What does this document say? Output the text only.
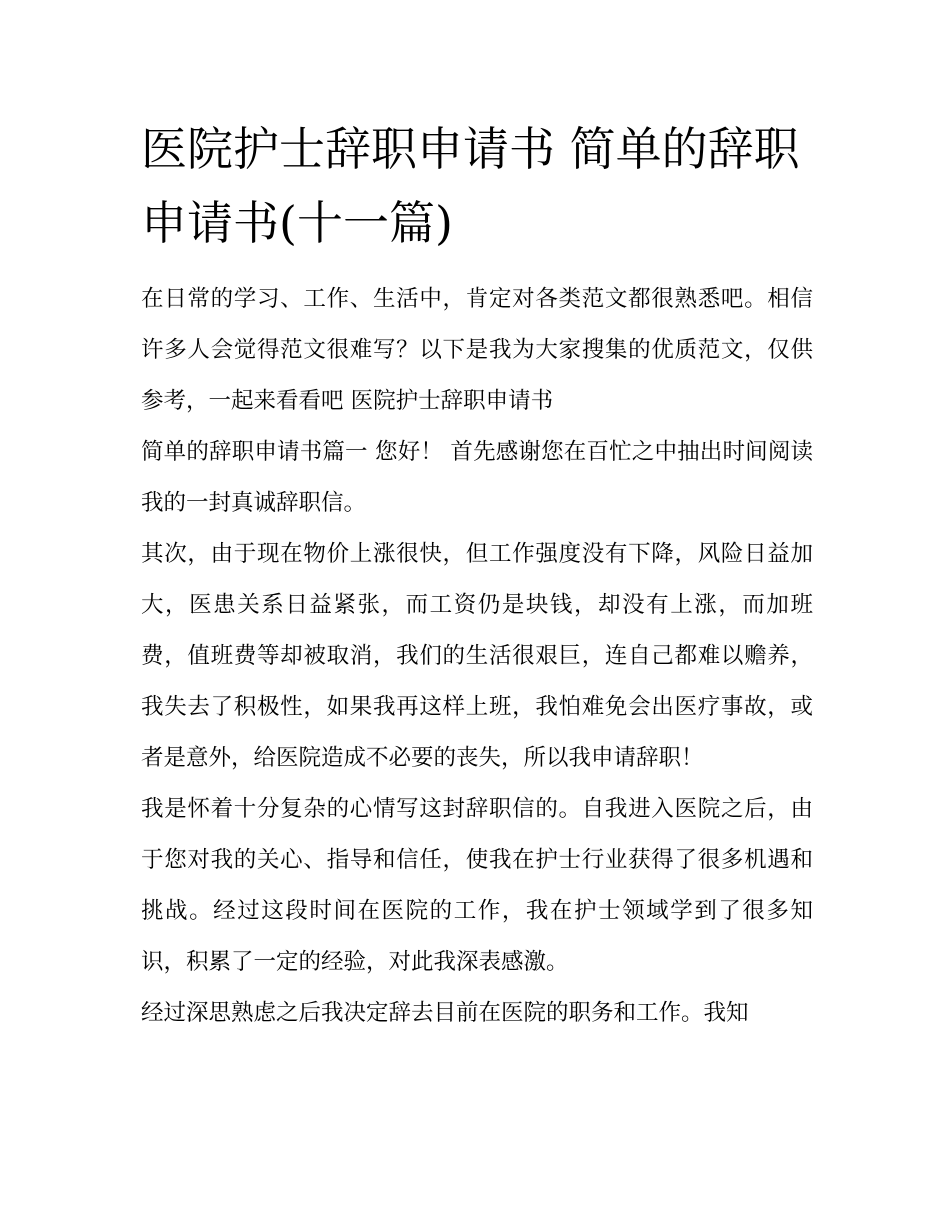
医院护士辞职申请书 简单的辞职申请书(十一篇)

在日常的学习、工作、生活中，肯定对各类范文都很熟悉吧。相信许多人会觉得范文很难写？以下是我为大家搜集的优质范文，仅供参考，一起来看看吧 医院护士辞职申请书

简单的辞职申请书篇一 您好！ 首先感谢您在百忙之中抽出时间阅读我的一封真诚辞职信。

其次，由于现在物价上涨很快，但工作强度没有下降，风险日益加大，医患关系日益紧张，而工资仍是块钱，却没有上涨，而加班费，值班费等却被取消，我们的生活很艰巨，连自己都难以赡养，我失去了积极性，如果我再这样上班，我怕难免会出医疗事故，或者是意外，给医院造成不必要的丧失，所以我申请辞职！

我是怀着十分复杂的心情写这封辞职信的。自我进入医院之后，由于您对我的关心、指导和信任，使我在护士行业获得了很多机遇和挑战。经过这段时间在医院的工作，我在护士领域学到了很多知识，积累了一定的经验，对此我深表感激。

经过深思熟虑之后我决定辞去目前在医院的职务和工作。我知
